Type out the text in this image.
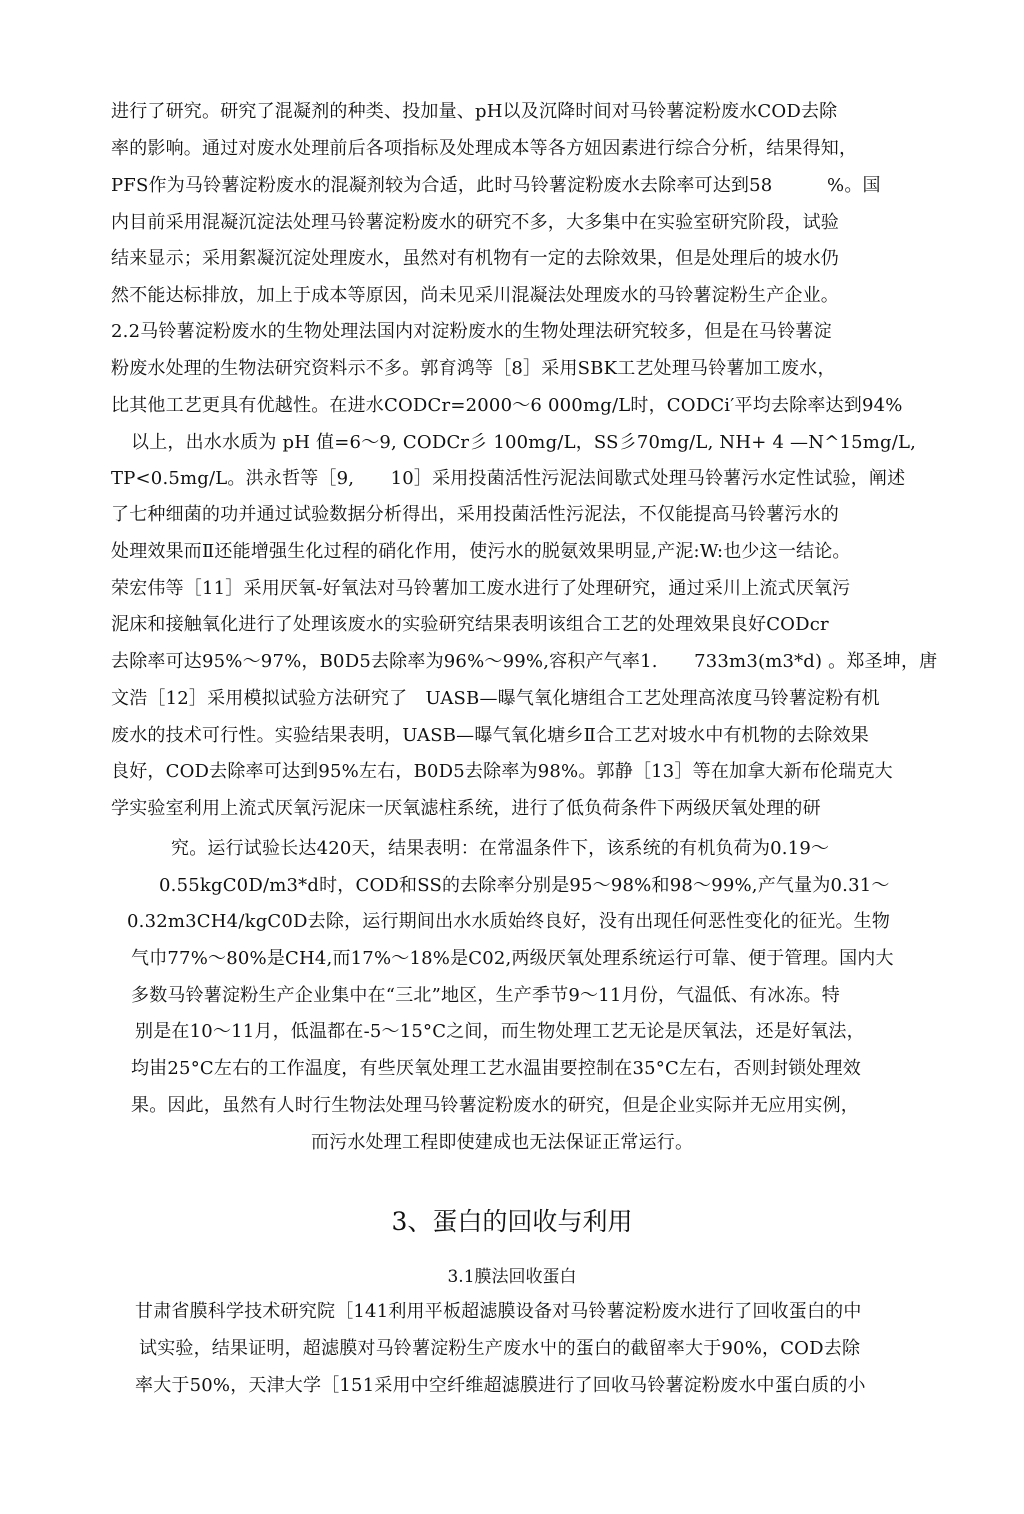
进行了研究。研究了混凝剂的种类、投加量、pH以及沉降时间对马铃薯淀粉废水COD去除
率的影响。通过对废水处理前后各项指标及处理成本等各方妞因素进行综合分析，结果得知，
PFS作为马铃薯淀粉废水的混凝剂较为合适，此时马铃薯淀粉废水去除率可达到58　　　%。国
内目前采用混凝沉淀法处理马铃薯淀粉废水的研究不多，大多集中在实验室研究阶段，试验
结来显示；采用絮凝沉淀处理废水，虽然对有机物有一定的去除效果，但是处理后的坡水仍
然不能达标排放，加上于成本等原因，尚未见采川混凝法处理废水的马铃薯淀粉生产企业。
2.2马铃薯淀粉废水的生物处理法国内对淀粉废水的生物处理法研究较多，但是在马铃薯淀
粉废水处理的生物法研究资料示不多。郭育鸿等［8］采用SBK工艺处理马铃薯加工废水，
比其他工艺更具有优越性。在进水CODCr=2000～6 000mg/L时，CODCi′平均去除率达到94%
以上，出水水质为 pH 值=6～9, CODCr彡 100mg/L，SS彡70mg/L, NH+ 4 —N^15mg/L,
TP<0.5mg/L。洪永哲等［9,　　10］采用投菌活性污泥法间歇式处理马铃薯污水定性试验，阐述
了七种细菌的功并通过试验数据分析得出，采用投菌活性污泥法，不仅能提高马铃薯污水的
处理效果而Ⅱ还能增强生化过程的硝化作用，使污水的脱氨效果明显,产泥:W:也少这一结论。
荣宏伟等［11］采用厌氧-好氧法对马铃薯加工废水进行了处理研究，通过采川上流式厌氧污
泥床和接触氧化进行了处理该废水的实验研究结果表明该组合工艺的处理效果良好CODcr
去除率可达95%～97%，B0D5去除率为96%～99%,容积产气率1.　　733m3(m3*d) 。郑圣坤，唐
文浩［12］采用模拟试验方法研究了　UASB—曝气氧化塘组合工艺处理高浓度马铃薯淀粉有机
废水的技术可行性。实验结果表明，UASB—曝气氧化塘乡Ⅱ合工艺对坡水中有机物的去除效果
良好，COD去除率可达到95%左右，B0D5去除率为98%。郭静［13］等在加拿大新布伦瑞克大
学实验室利用上流式厌氧污泥床一厌氧滤柱系统，进行了低负荷条件下两级厌氧处理的研
究。运行试验长达420天，结果表明：在常温条件下，该系统的有机负荷为0.19～
0.55kgC0D/m3*d时，COD和SS的去除率分别是95～98%和98～99%,产气量为0.31～
0.32m3CH4/kgC0D去除，运行期间出水水质始终良好，没有出现任何恶性变化的征光。生物
气巾77%～80%是CH4,而17%～18%是C02,两级厌氧处理系统运行可靠、便于管理。国内大
多数马铃薯淀粉生产企业集中在“三北”地区，生产季节9～11月份，气温低、有冰冻。特
别是在10～11月，低温都在-5～15°C之间，而生物处理工艺无论是厌氧法，还是好氧法，
均峀25°C左右的工作温度，有些厌氧处理工艺水温峀要控制在35°C左右，否则封锁处理效
果。因此，虽然有人时行生物法处理马铃薯淀粉废水的研究，但是企业实际并无应用实例，
而污水处理工程即使建成也无法保证正常运行。
3、蛋白的回收与利用
3.1膜法回收蛋白
甘肃省膜科学技术研究院［141利用平板超滤膜设备对马铃薯淀粉废水进行了回收蛋白的中
试实验，结果证明，超滤膜对马铃薯淀粉生产废水屮的蛋白的截留率大于90%，COD去除
率大于50%，天津大学［151采用中空纤维超滤膜进行了回收马铃薯淀粉废水中蛋白质的小
